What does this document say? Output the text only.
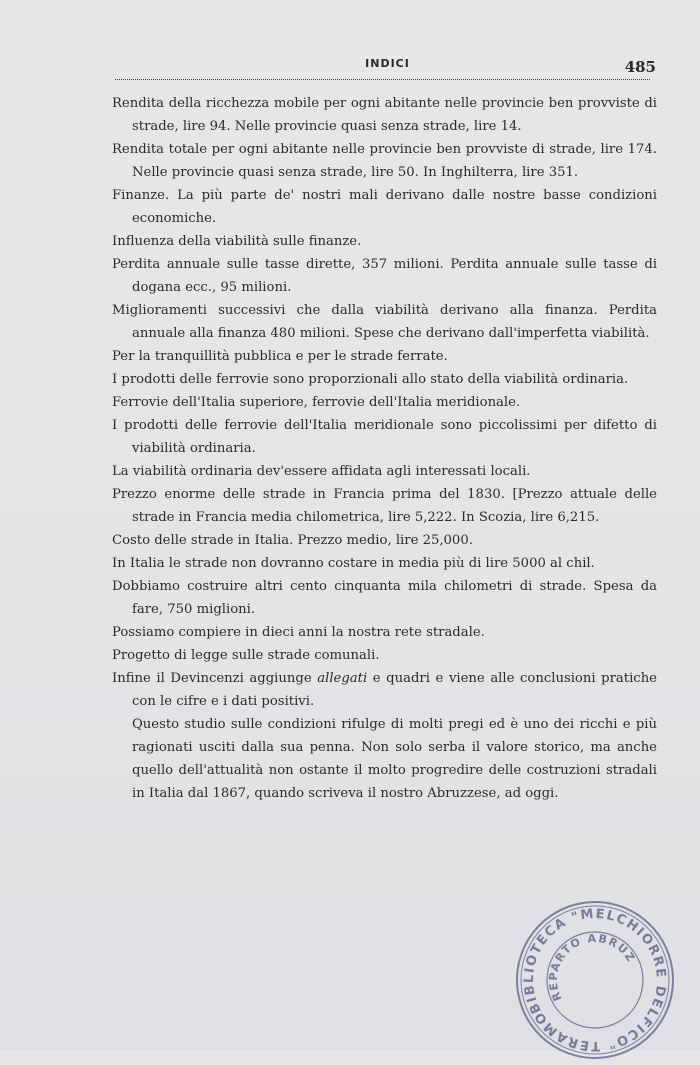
INDICI	485

Rendita della ricchezza mobile per ogni abitante nelle provincie ben provviste di strade, lire 94. Nelle provincie quasi senza strade, lire 14.

Rendita totale per ogni abitante nelle provincie ben provviste di strade, lire 174. Nelle provincie quasi senza strade, lire 50. In Inghilterra, lire 351.

Finanze. La più parte de' nostri mali derivano dalle nostre basse condizioni economiche.

Influenza della viabilità sulle finanze.

Perdita annuale sulle tasse dirette, 357 milioni. Perdita annuale sulle tasse di dogana ecc., 95 milioni.

Miglioramenti successivi che dalla viabilità derivano alla finanza. Perdita annuale alla finanza 480 milioni. Spese che derivano dall'imperfetta viabilità.

Per la tranquillità pubblica e per le strade ferrate.

I prodotti delle ferrovie sono proporzionali allo stato della viabilità ordinaria.

Ferrovie dell'Italia superiore, ferrovie dell'Italia meridionale.

I prodotti delle ferrovie dell'Italia meridionale sono piccolissimi per difetto di viabilità ordinaria.

La viabilità ordinaria dev'essere affidata agli interessati locali.

Prezzo enorme delle strade in Francia prima del 1830. [Prezzo attuale delle strade in Francia media chilometrica, lire 5,222. In Scozia, lire 6,215.

Costo delle strade in Italia. Prezzo medio, lire 25,000.

In Italia le strade non dovranno costare in media più di lire 5000 al chil.

Dobbiamo costruire altri cento cinquanta mila chilometri di strade. Spesa da fare, 750 miglioni.

Possiamo compiere in dieci anni la nostra rete stradale.

Progetto di legge sulle strade comunali.

Infine il Devincenzi aggiunge allegati e quadri e viene alle conclusioni pratiche con le cifre e i dati positivi.

Questo studio sulle condizioni rifulge di molti pregi ed è uno dei ricchi e più ragionati usciti dalla sua penna. Non solo serba il valore storico, ma anche quello dell'attualità non ostante il molto progredire delle costruzioni stradali in Italia dal 1867, quando scriveva il nostro Abruzzese, ad oggi.

BIBLIOTECA "MELCHIORRE DELFICO" TERAMO
REPARTO ABRUZZESE
